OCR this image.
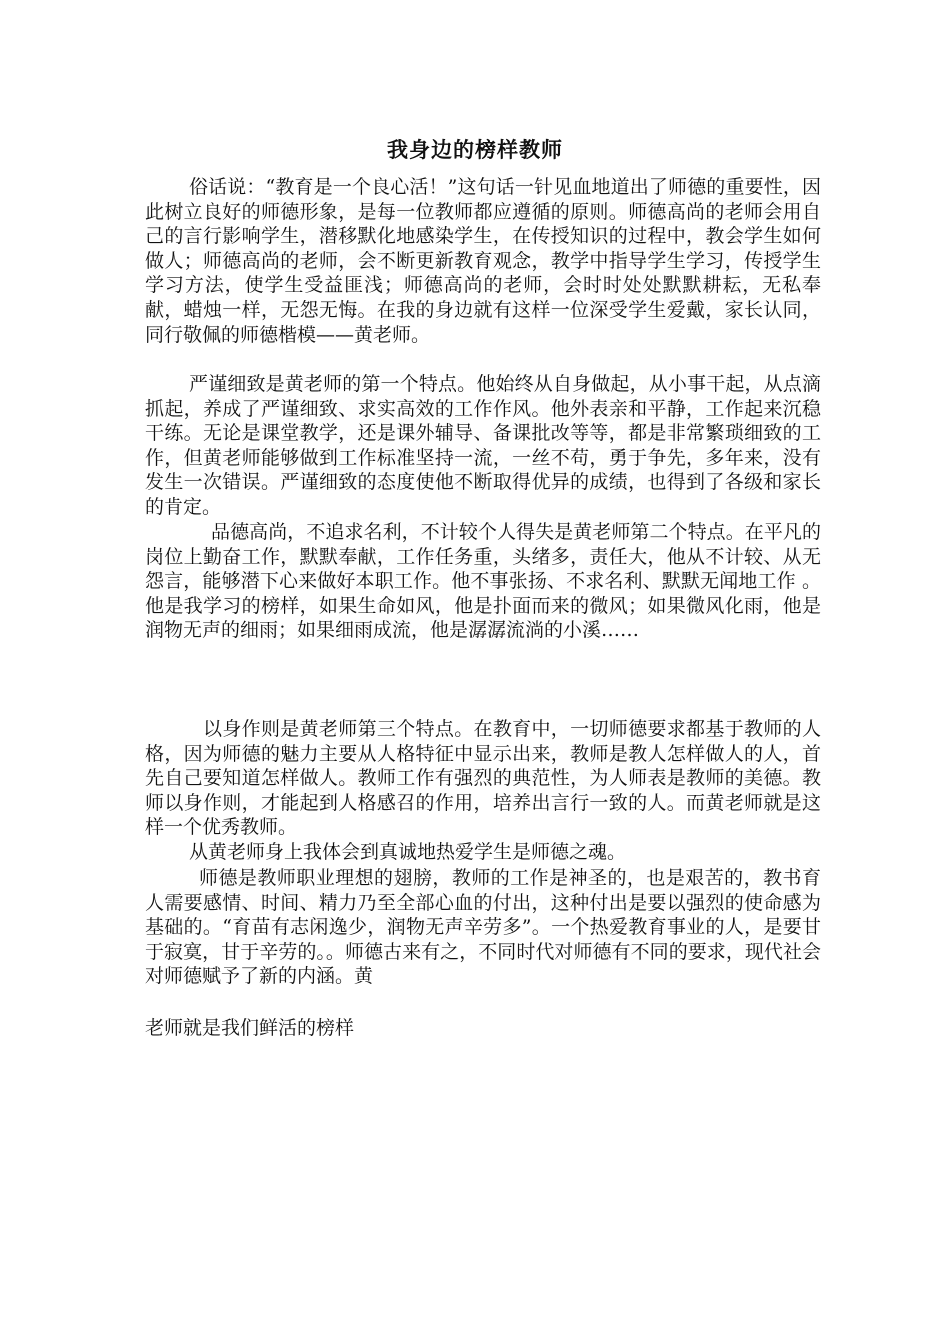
我身边的榜样教师

俗话说：“教育是一个良心活！”这句话一针见血地道出了师德的重要性，因此树立良好的师德形象，是每一位教师都应遵循的原则。师德高尚的老师会用自己的言行影响学生，潜移默化地感染学生，在传授知识的过程中，教会学生如何做人；师德高尚的老师，会不断更新教育观念，教学中指导学生学习，传授学生学习方法，使学生受益匪浅；师德高尚的老师，会时时处处默默耕耘，无私奉献，蜡烛一样，无怨无悔。在我的身边就有这样一位深受学生爱戴，家长认同，同行敬佩的师德楷模——黄老师。

严谨细致是黄老师的第一个特点。他始终从自身做起，从小事干起，从点滴抓起，养成了严谨细致、求实高效的工作作风。他外表亲和平静，工作起来沉稳干练。无论是课堂教学，还是课外辅导、备课批改等等，都是非常繁琐细致的工作，但黄老师能够做到工作标准坚持一流，一丝不苟，勇于争先，多年来，没有发生一次错误。严谨细致的态度使他不断取得优异的成绩，也得到了各级和家长的肯定。

品德高尚，不追求名利，不计较个人得失是黄老师第二个特点。在平凡的岗位上勤奋工作，默默奉献，工作任务重，头绪多，责任大，他从不计较、从无怨言，能够潜下心来做好本职工作。他不事张扬、不求名利、默默无闻地工作 。他是我学习的榜样，如果生命如风，他是扑面而来的微风；如果微风化雨，他是润物无声的细雨；如果细雨成流，他是潺潺流淌的小溪……

以身作则是黄老师第三个特点。在教育中，一切师德要求都基于教师的人格，因为师德的魅力主要从人格特征中显示出来，教师是教人怎样做人的人，首先自己要知道怎样做人。教师工作有强烈的典范性，为人师表是教师的美德。教师以身作则，才能起到人格感召的作用，培养出言行一致的人。而黄老师就是这样一个优秀教师。

从黄老师身上我体会到真诚地热爱学生是师德之魂。

师德是教师职业理想的翅膀，教师的工作是神圣的，也是艰苦的，教书育人需要感情、时间、精力乃至全部心血的付出，这种付出是要以强烈的使命感为基础的。“育苗有志闲逸少，润物无声辛劳多”。一个热爱教育事业的人，是要甘于寂寞，甘于辛劳的。。师德古来有之，不同时代对师德有不同的要求，现代社会对师德赋予了新的内涵。黄

老师就是我们鲜活的榜样
